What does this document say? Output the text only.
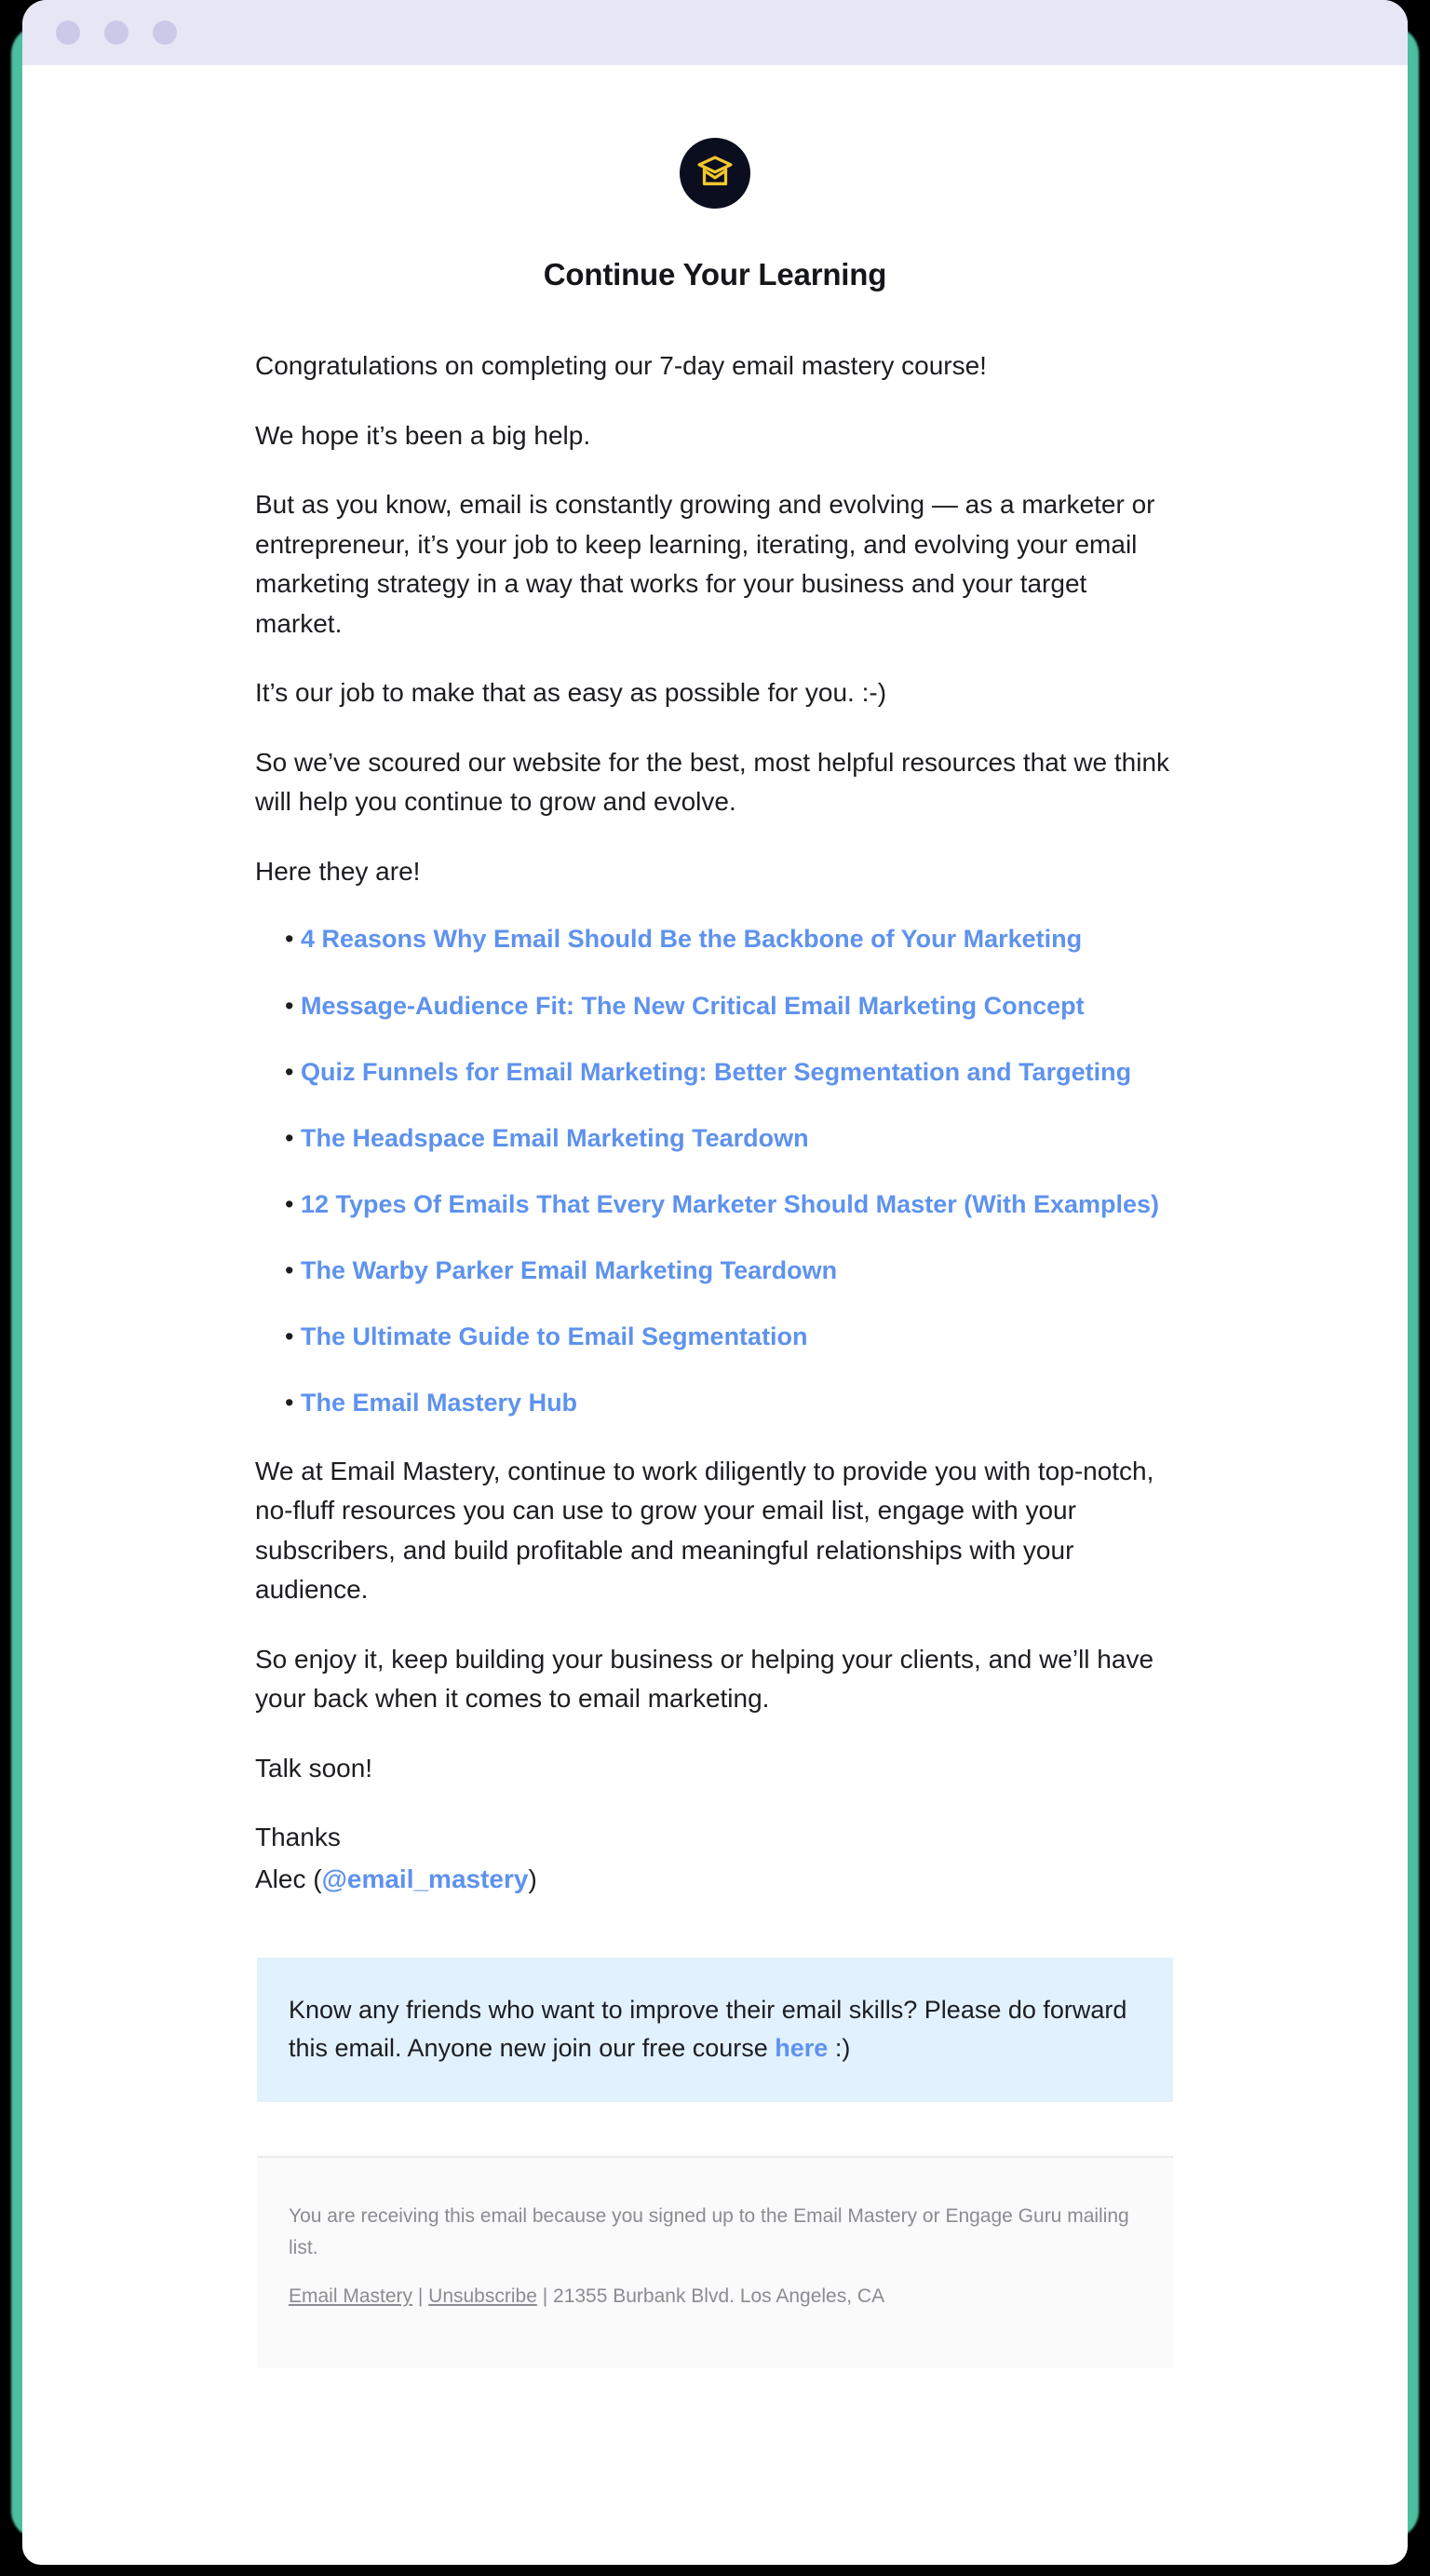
Continue Your Learning

Congratulations on completing our 7-day email mastery course!

We hope it’s been a big help.

But as you know, email is constantly growing and evolving — as a marketer or entrepreneur, it’s your job to keep learning, iterating, and evolving your email marketing strategy in a way that works for your business and your target market.

It’s our job to make that as easy as possible for you. :-)

So we’ve scoured our website for the best, most helpful resources that we think will help you continue to grow and evolve.

Here they are!

• 4 Reasons Why Email Should Be the Backbone of Your Marketing
• Message-Audience Fit: The New Critical Email Marketing Concept
• Quiz Funnels for Email Marketing: Better Segmentation and Targeting
• The Headspace Email Marketing Teardown
• 12 Types Of Emails That Every Marketer Should Master (With Examples)
• The Warby Parker Email Marketing Teardown
• The Ultimate Guide to Email Segmentation
• The Email Mastery Hub

We at Email Mastery, continue to work diligently to provide you with top-notch, no-fluff resources you can use to grow your email list, engage with your subscribers, and build profitable and meaningful relationships with your audience.

So enjoy it, keep building your business or helping your clients, and we’ll have your back when it comes to email marketing.

Talk soon!

Thanks

Alec (@email_mastery)

Know any friends who want to improve their email skills? Please do forward this email. Anyone new join our free course here :)

You are receiving this email because you signed up to the Email Mastery or Engage Guru mailing list.

Email Mastery | Unsubscribe | 21355 Burbank Blvd. Los Angeles, CA
